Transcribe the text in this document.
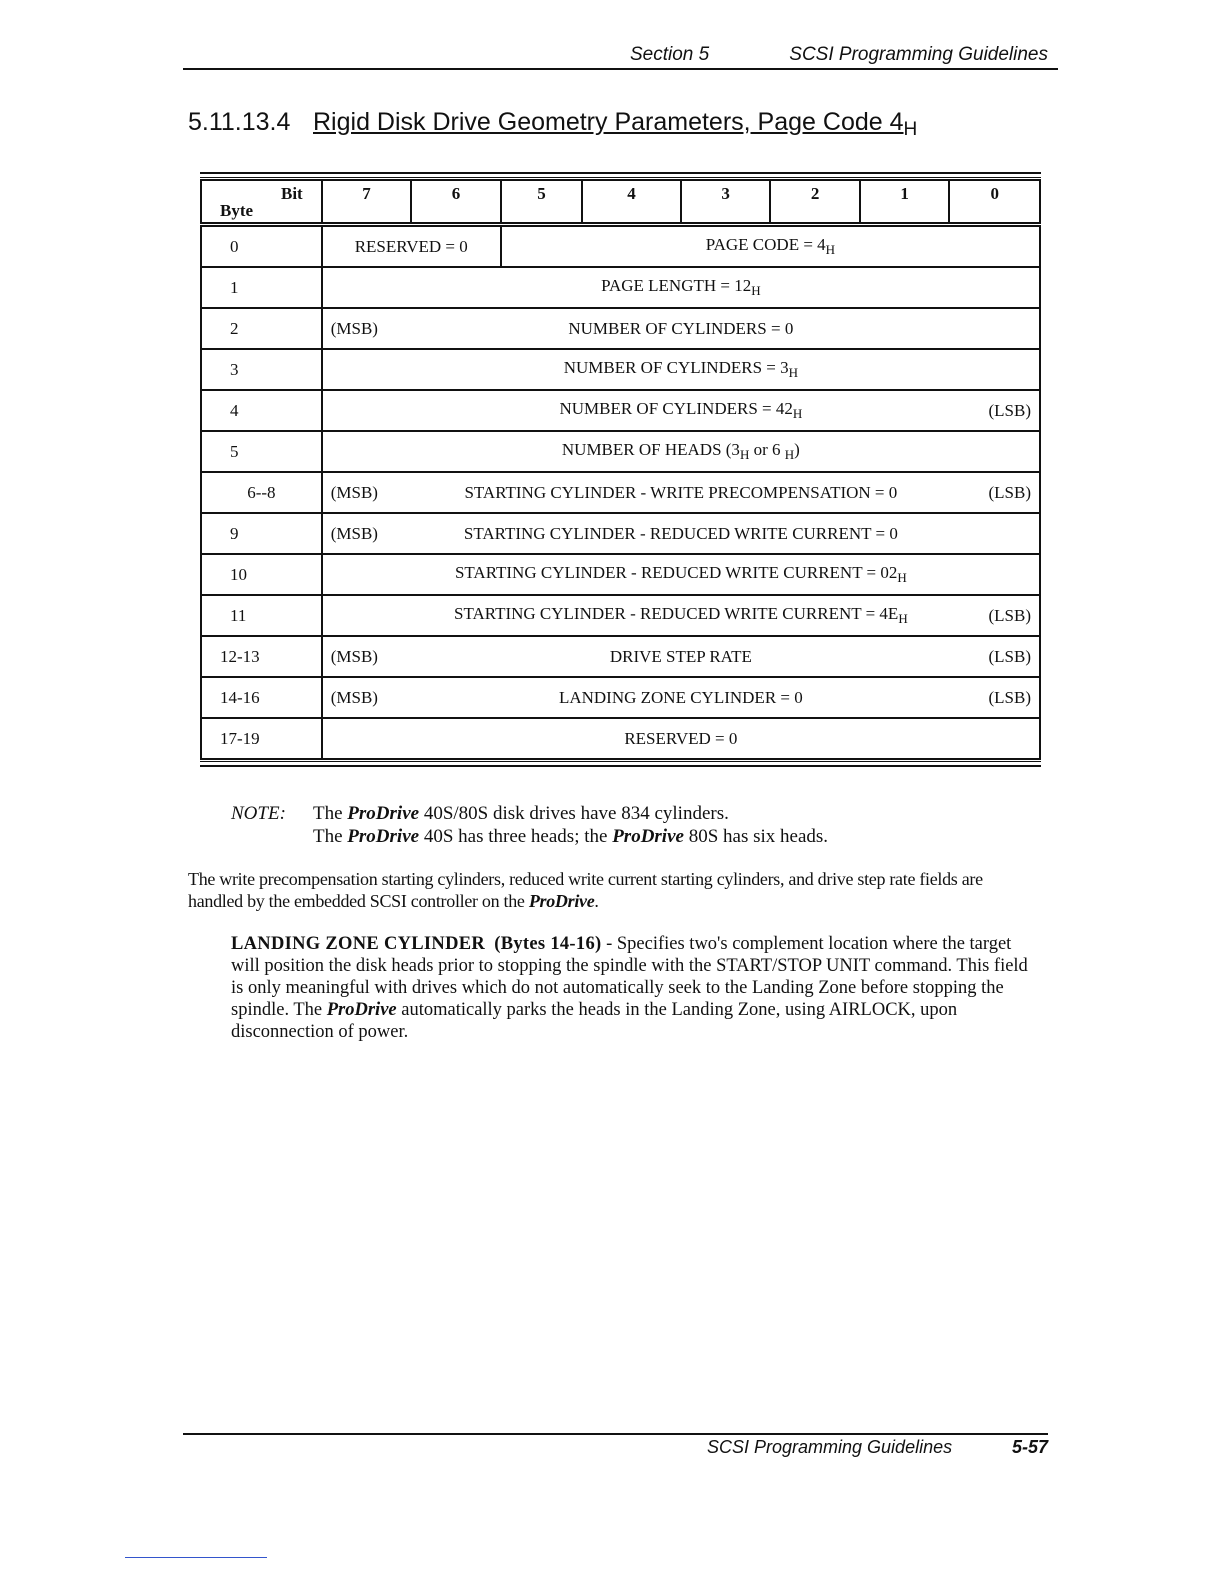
Section 5	SCSI Programming Guidelines
5.11.13.4 Rigid Disk Drive Geometry Parameters, Page Code $4_H$
Bit
Byte	7	6	5	4	3	2	1	0
0	RESERVED = 0		PAGE CODE = $4_H$
1	PAGE LENGTH = $12_H$
2	(MSB) NUMBER OF CYLINDERS = 0							
3	NUMBER OF CYLINDERS = $3_H$
4	NUMBER OF CYLINDERS = $42_H$ (LSB)							

5	NUMBER OF HEADS ($3_H$ or 6 $_H$)							
6--8	(MSB) STARTING CYLINDER - WRITE PRECOMPENSATION = 0 (LSB)							

9	(MSB) STARTING CYLINDER - REDUCED WRITE CURRENT = 0							
10	STARTING CYLINDER - REDUCED WRITE CURRENT = $02_H$
11	STARTING CYLINDER - REDUCED WRITE CURRENT = $4E_H$ (LSB)							

12-13	(MSB) DRIVE STEP RATE (LSB)							

14-16	(MSB) LANDING ZONE CYLINDER = 0 (LSB)							

17-19	RESERVED = 0							
NOTE: The ProDrive 40S/80S disk drives have 834 cylinders.
The ProDrive 40S has three heads; the ProDrive 80S has six heads.

The write precompensation starting cylinders, reduced write current starting cylinders, and drive step rate fields are handled by the embedded SCSI controller on the ProDrive.

LANDING ZONE CYLINDER (Bytes 14-16) - Specifies two's complement location where the target will position the disk heads prior to stopping the spindle with the START/STOP UNIT command. This field is only meaningful with drives which do not automatically seek to the Landing Zone before stopping the spindle. The ProDrive automatically parks the heads in the Landing Zone, using AIRLOCK, upon disconnection of power.

SCSI Programming Guidelines	5-57
